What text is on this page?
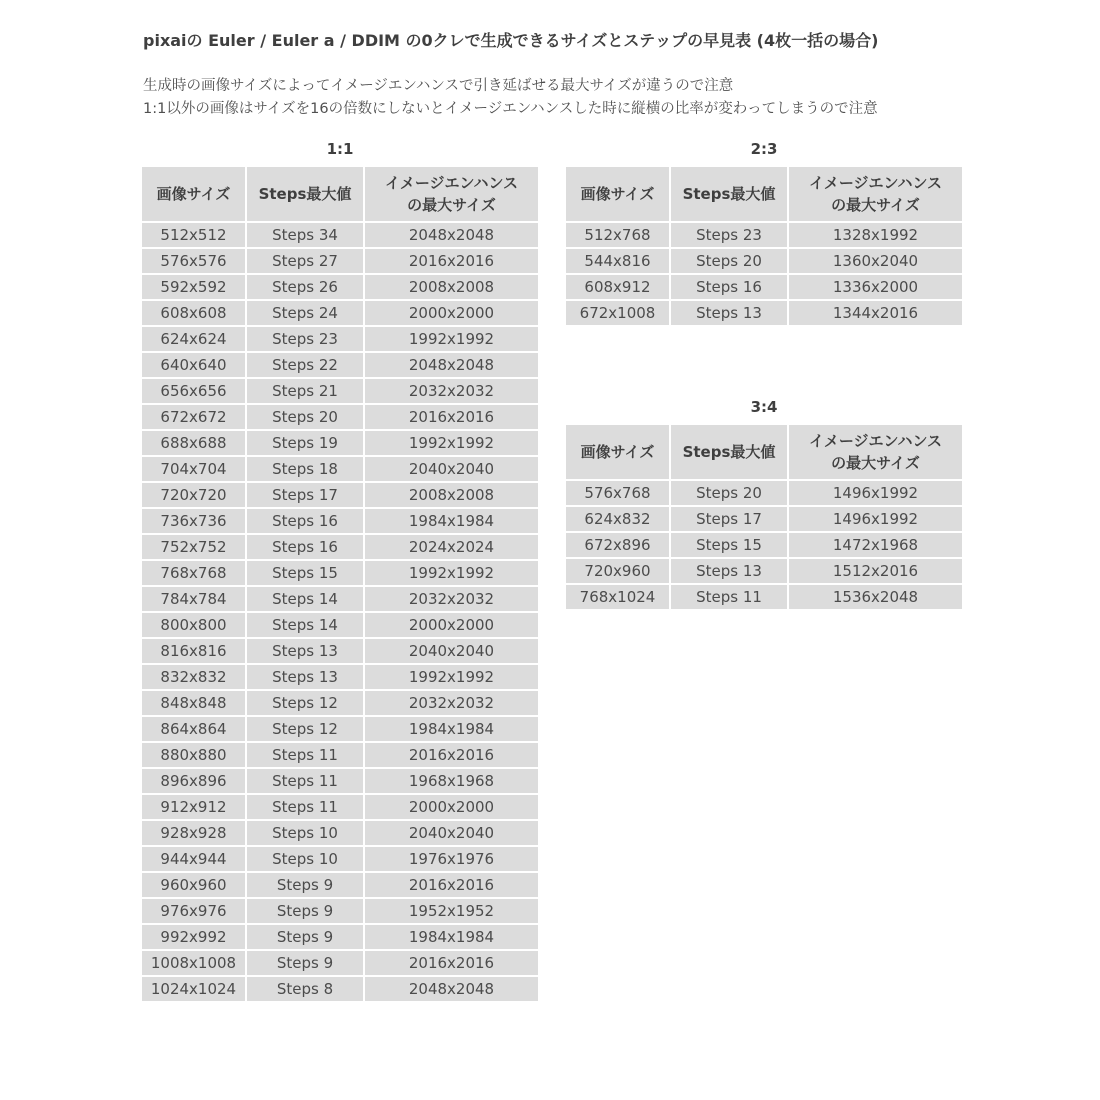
pixaiの Euler / Euler a / DDIM の0クレで生成できるサイズとステップの早見表 (4枚一括の場合)

生成時の画像サイズによってイメージエンハンスで引き延ばせる最大サイズが違うので注意

1:1以外の画像はサイズを16の倍数にしないとイメージエンハンスした時に縦横の比率が変わってしまうので注意

1:1		
画像サイズ	Steps最大値	イメージエンハンス
の最大サイズ
512x512	Steps 34	2048x2048
576x576	Steps 27	2016x2016
592x592	Steps 26	2008x2008
608x608	Steps 24	2000x2000
624x624	Steps 23	1992x1992
640x640	Steps 22	2048x2048
656x656	Steps 21	2032x2032
672x672	Steps 20	2016x2016
688x688	Steps 19	1992x1992
704x704	Steps 18	2040x2040
720x720	Steps 17	2008x2008
736x736	Steps 16	1984x1984
752x752	Steps 16	2024x2024
768x768	Steps 15	1992x1992
784x784	Steps 14	2032x2032
800x800	Steps 14	2000x2000
816x816	Steps 13	2040x2040
832x832	Steps 13	1992x1992
848x848	Steps 12	2032x2032
864x864	Steps 12	1984x1984
880x880	Steps 11	2016x2016
896x896	Steps 11	1968x1968
912x912	Steps 11	2000x2000
928x928	Steps 10	2040x2040
944x944	Steps 10	1976x1976
960x960	Steps 9	2016x2016
976x976	Steps 9	1952x1952
992x992	Steps 9	1984x1984
1008x1008	Steps 9	2016x2016
1024x1024	Steps 8	2048x2048
2:3		
画像サイズ	Steps最大値	イメージエンハンス
の最大サイズ
512x768	Steps 23	1328x1992
544x816	Steps 20	1360x2040
608x912	Steps 16	1336x2000
672x1008	Steps 13	1344x2016
3:4		
画像サイズ	Steps最大値	イメージエンハンス
の最大サイズ
576x768	Steps 20	1496x1992
624x832	Steps 17	1496x1992
672x896	Steps 15	1472x1968
720x960	Steps 13	1512x2016
768x1024	Steps 11	1536x2048
